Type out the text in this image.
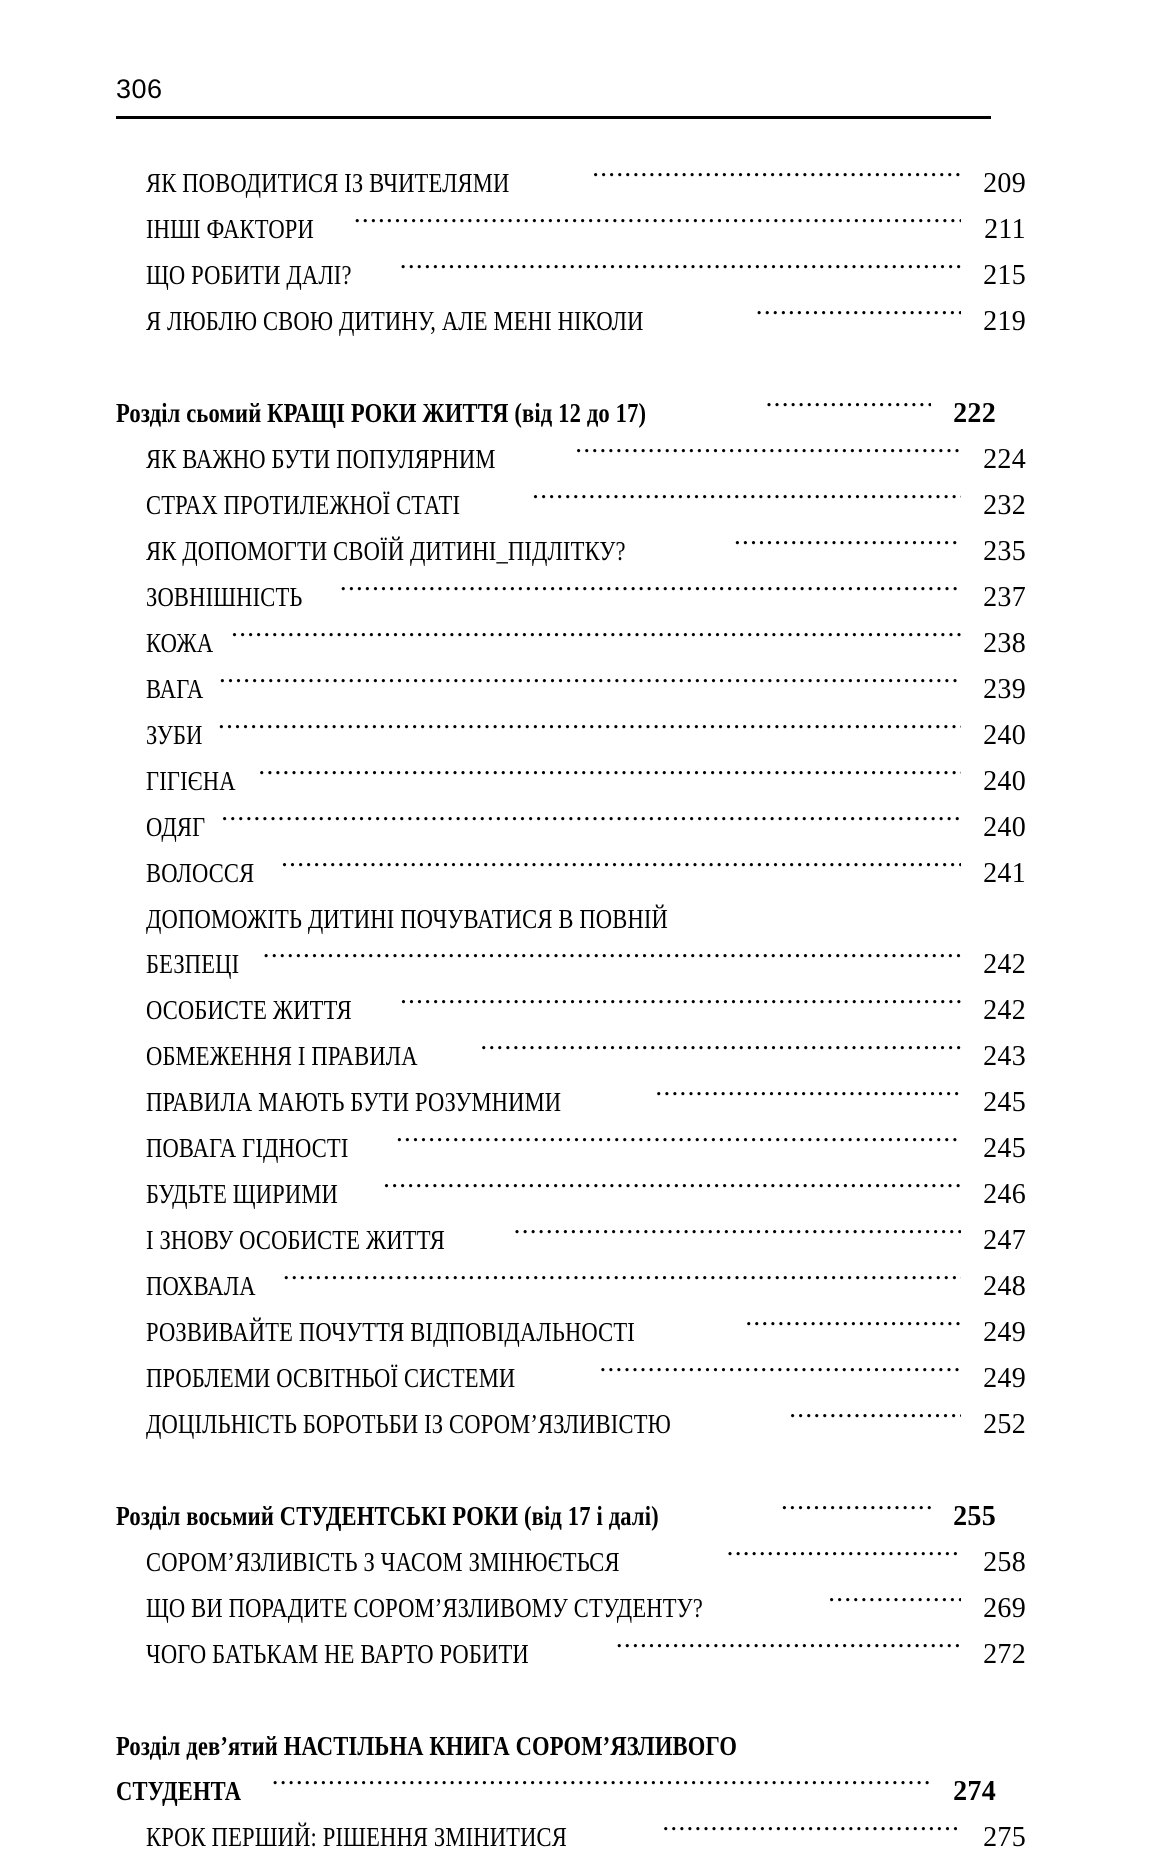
306
ЯК ПОВОДИТИСЯ ІЗ ВЧИТЕЛЯМИ .....	209
ІНШІ ФАКТОРИ .....	211
ЩО РОБИТИ ДАЛІ? .....	215
Я ЛЮБЛЮ СВОЮ ДИТИНУ, АЛЕ МЕНІ НІКОЛИ .....	219
Розділ сьомий КРАЩІ РОКИ ЖИТТЯ (від 12 до 17) .....	222
ЯК ВАЖНО БУТИ ПОПУЛЯРНИМ .....	224
СТРАХ ПРОТИЛЕЖНОЇ СТАТІ .....	232
ЯК ДОПОМОГТИ СВОЇЙ ДИТИНІ_ПІДЛІТКУ? .....	235
ЗОВНІШНІСТЬ .....	237
КОЖА .....	238
ВАГА .....	239
ЗУБИ .....	240
ГІГІЄНА .....	240
ОДЯГ .....	240
ВОЛОССЯ .....	241
ДОПОМОЖІТЬ ДИТИНІ ПОЧУВАТИСЯ В ПОВНІЙ
БЕЗПЕЦІ .....	242
ОСОБИСТЕ ЖИТТЯ .....	242
ОБМЕЖЕННЯ І ПРАВИЛА .....	243
ПРАВИЛА МАЮТЬ БУТИ РОЗУМНИМИ .....	245
ПОВАГА ГІДНОСТІ .....	245
БУДЬТЕ ЩИРИМИ .....	246
І ЗНОВУ ОСОБИСТЕ ЖИТТЯ .....	247
ПОХВАЛА .....	248
РОЗВИВАЙТЕ ПОЧУТТЯ ВІДПОВІДАЛЬНОСТІ .....	249
ПРОБЛЕМИ ОСВІТНЬОЇ СИСТЕМИ .....	249
ДОЦІЛЬНІСТЬ БОРОТЬБИ ІЗ СОРОМ’ЯЗЛИВІСТЮ .....	252
Розділ восьмий СТУДЕНТСЬКІ РОКИ (від 17 і далі) .....	255
СОРОМ’ЯЗЛИВІСТЬ З ЧАСОМ ЗМІНЮЄТЬСЯ .....	258
ЩО ВИ ПОРАДИТЕ СОРОМ’ЯЗЛИВОМУ СТУДЕНТУ? .....	269
ЧОГО БАТЬКАМ НЕ ВАРТО РОБИТИ .....	272
Розділ дев’ятий НАСТІЛЬНА КНИГА СОРОМ’ЯЗЛИВОГО
СТУДЕНТА .....	274
КРОК ПЕРШИЙ: РІШЕННЯ ЗМІНИТИСЯ .....	275
